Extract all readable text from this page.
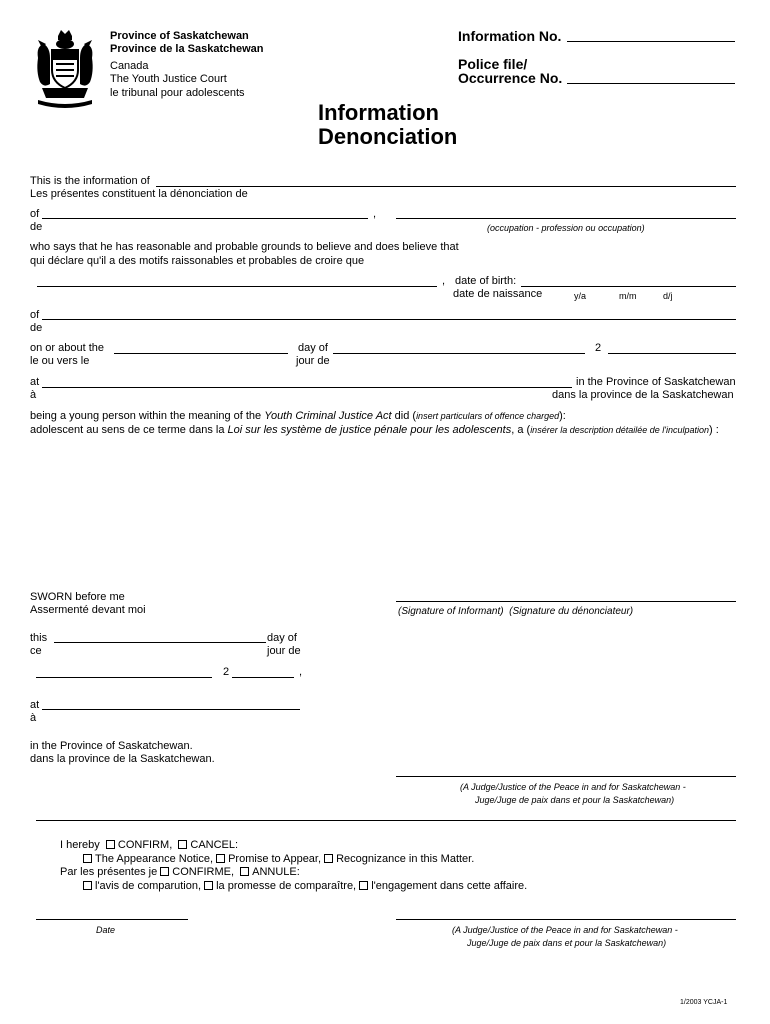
Province of Saskatchewan
Province de la Saskatchewan
Canada
The Youth Justice Court
le tribunal pour adolescents
Information No.
Police file/
Occurrence No.
Information
Denonciation
This is the information of
Les présentes constituent la dénonciation de
of	,
de	(occupation - profession ou occupation)
who says that he has reasonable and probable grounds to believe and does believe that
qui déclare qu'il a des motifs raissonables et probables de croire que
, date of birth:
date de naissance	y/a	m/m	d/j
of
de
on or about the	day of	2
le ou vers le	jour de
at	in the Province of Saskatchewan
à	dans la province de la Saskatchewan
being a young person within the meaning of the Youth Criminal Justice Act did (insert particulars of offence charged):
adolescent au sens de ce terme dans la Loi sur les système de justice pénale pour les adolescents, a (insérer la description détailée de l'inculpation) :
SWORN before me
Assermenté devant moi	(Signature of Informant) (Signature du dénonciateur)
this	day of
ce	jour de
2	,
at
à
in the Province of Saskatchewan.
dans la province de la Saskatchewan.
(A Judge/Justice of the Peace in and for Saskatchewan -
Juge/Juge de paix dans et pour la Saskatchewan)
I hereby CONFIRM, CANCEL:
The Appearance Notice, Promise to Appear, Recognizance in this Matter.
Par les présentes je CONFIRME, ANNULE:
l'avis de comparution, la promesse de comparaître, l'engagement dans cette affaire.
Date	(A Judge/Justice of the Peace in and for Saskatchewan -
Juge/Juge de paix dans et pour la Saskatchewan)
1/2003 YCJA-1
